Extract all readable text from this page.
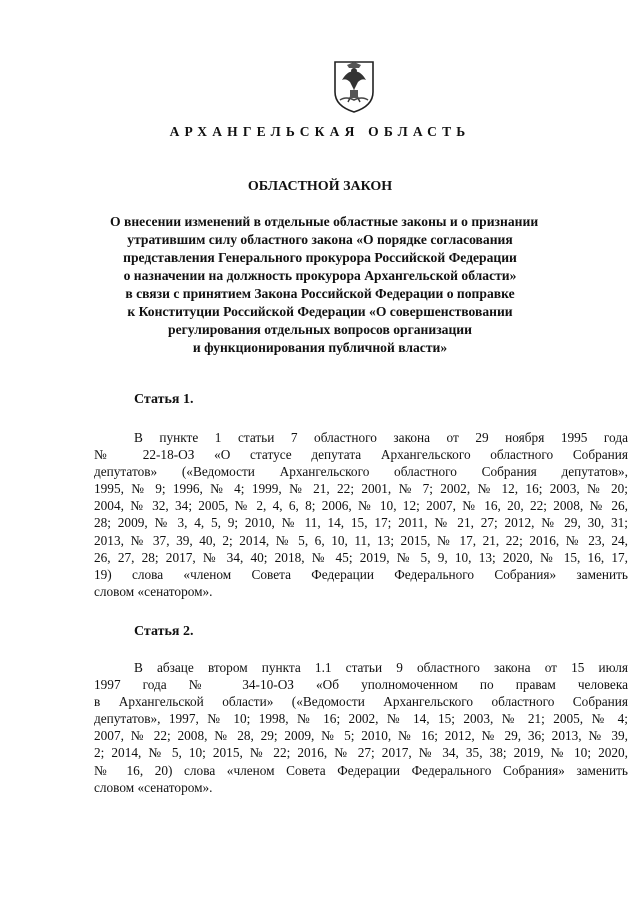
АРХАНГЕЛЬСКАЯ ОБЛАСТЬ

ОБЛАСТНОЙ ЗАКОН

О внесении изменений в отдельные областные законы и о признании
утратившим силу областного закона «О порядке согласования
представления Генерального прокурора Российской Федерации
о назначении на должность прокурора Архангельской области»
в связи с принятием Закона Российской Федерации о поправке
к Конституции Российской Федерации «О совершенствовании
регулирования отдельных вопросов организации
и функционирования публичной власти»

Статья 1.

В пункте 1 статьи 7 областного закона от 29 ноября 1995 года
№ 22-18-ОЗ «О статусе депутата Архангельского областного Собрания
депутатов» («Ведомости Архангельского областного Собрания депутатов»,
1995, № 9; 1996, № 4; 1999, № 21, 22; 2001, № 7; 2002, № 12, 16; 2003, № 20;
2004, № 32, 34; 2005, № 2, 4, 6, 8; 2006, № 10, 12; 2007, № 16, 20, 22; 2008, № 26,
28; 2009, № 3, 4, 5, 9; 2010, № 11, 14, 15, 17; 2011, № 21, 27; 2012, № 29, 30, 31;
2013, № 37, 39, 40, 2; 2014, № 5, 6, 10, 11, 13; 2015, № 17, 21, 22; 2016, № 23, 24,
26, 27, 28; 2017, № 34, 40; 2018, № 45; 2019, № 5, 9, 10, 13; 2020, № 15, 16, 17,
19) слова «членом Совета Федерации Федерального Собрания» заменить
словом «сенатором».

Статья 2.

В абзаце втором пункта 1.1 статьи 9 областного закона от 15 июля
1997 года № 34-10-ОЗ «Об уполномоченном по правам человека
в Архангельской области» («Ведомости Архангельского областного Собрания
депутатов», 1997, № 10; 1998, № 16; 2002, № 14, 15; 2003, № 21; 2005, № 4;
2007, № 22; 2008, № 28, 29; 2009, № 5; 2010, № 16; 2012, № 29, 36; 2013, № 39,
2; 2014, № 5, 10; 2015, № 22; 2016, № 27; 2017, № 34, 35, 38; 2019, № 10; 2020,
№ 16, 20) слова «членом Совета Федерации Федерального Собрания» заменить
словом «сенатором».
